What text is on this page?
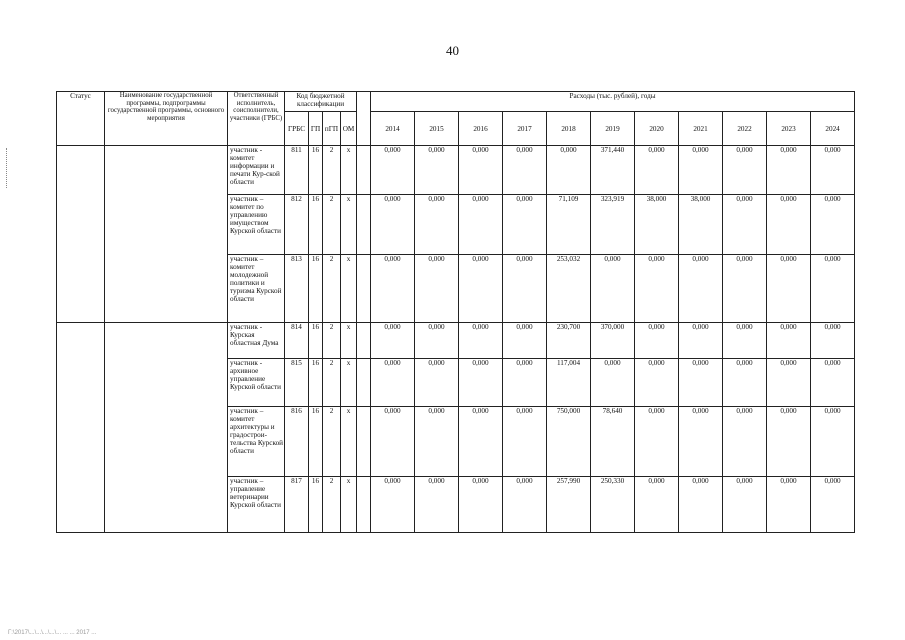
40
Статус	Наименование государственной программы, подпрограммы государственной программы, основного мероприятия	Ответственный исполнитель, соисполнители, участники (ГРБС)	Код бюджетной классификации					Расходы (тыс. рублей), годы										
			ГРБС	ГП	пГП	ОМ		2014	2015	2016	2017	2018	2019	2020	2021	2022	2023	2024
		участник - комитет информации и печати Кур-ской области	811	16	2	х		0,000	0,000	0,000	0,000	0,000	371,440	0,000	0,000	0,000	0,000	0,000
		участник – комитет по управлению имуществом Курской области	812	16	2	х		0,000	0,000	0,000	0,000	71,109	323,919	38,000	38,000	0,000	0,000	0,000
		участник – комитет молодежной политики и туризма Курской области	813	16	2	х		0,000	0,000	0,000	0,000	253,032	0,000	0,000	0,000	0,000	0,000	0,000
		участник - Курская областная Дума	814	16	2	х		0,000	0,000	0,000	0,000	230,700	370,000	0,000	0,000	0,000	0,000	0,000
		участник - архивное управление Курской области	815	16	2	х		0,000	0,000	0,000	0,000	117,004	0,000	0,000	0,000	0,000	0,000	0,000
		участник – комитет архитектуры и градострои-тельства Курской области	816	16	2	х		0,000	0,000	0,000	0,000	750,000	78,640	0,000	0,000	0,000	0,000	0,000
		участник – управление ветеринарии Курской области	817	16	2	х		0,000	0,000	0,000	0,000	257,990	250,330	0,000	0,000	0,000	0,000	0,000
Г:\2017\...\...\...\...\... ... ... 2017 ...
